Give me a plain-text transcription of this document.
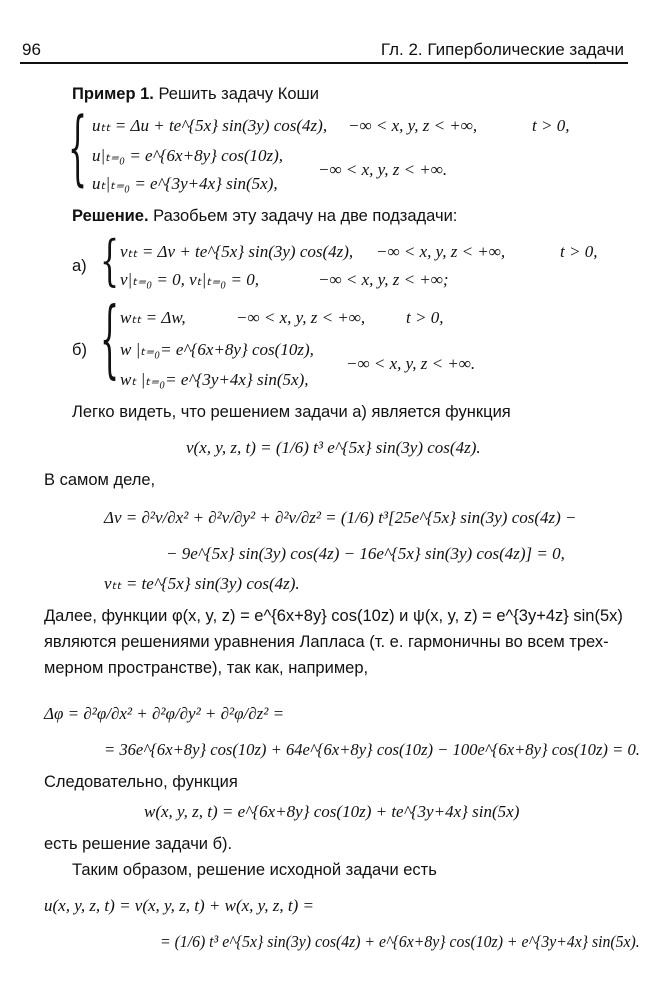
96	Гл. 2. Гиперболические задачи
Пример 1. Решить задачу Коши
{ uₜₜ = Δu + te^{5x} sin(3y) cos(4z), −∞ < x, y, z < +∞,	t > 0,
u|ₜ₌₀ = e^{6x+8y} cos(10z),
uₜ|ₜ₌₀ = e^{3y+4x} sin(5x),
−∞ < x, y, z < +∞.
Решение. Разобьем эту задачу на две подзадачи:
а) { vₜₜ = Δv + te^{5x} sin(3y) cos(4z), −∞ < x, y, z < +∞,	t > 0,
v|ₜ₌₀ = 0, vₜ|ₜ₌₀ = 0,	−∞ < x, y, z < +∞;
б) { wₜₜ = Δw,	−∞ < x, y, z < +∞, t > 0,
w |ₜ₌₀= e^{6x+8y} cos(10z),
wₜ |ₜ₌₀= e^{3y+4x} sin(5x),
−∞ < x, y, z < +∞.
Легко видеть, что решением задачи а) является функция
v(x, y, z, t) = (1/6) t³ e^{5x} sin(3y) cos(4z).
В самом деле,
Δv = ∂²v/∂x² + ∂²v/∂y² + ∂²v/∂z² = (1/6) t³[25e^{5x} sin(3y) cos(4z) −
− 9e^{5x} sin(3y) cos(4z) − 16e^{5x} sin(3y) cos(4z)] = 0,
vₜₜ = te^{5x} sin(3y) cos(4z).
Далее, функции φ(x, y, z) = e^{6x+8y} cos(10z) и ψ(x, y, z) = e^{3y+4z} sin(5x)
являются решениями уравнения Лапласа (т. е. гармоничны во всем трех-
мерном пространстве), так как, например,
Δφ = ∂²φ/∂x² + ∂²φ/∂y² + ∂²φ/∂z² =
= 36e^{6x+8y} cos(10z) + 64e^{6x+8y} cos(10z) − 100e^{6x+8y} cos(10z) = 0.
Следовательно, функция
w(x, y, z, t) = e^{6x+8y} cos(10z) + te^{3y+4x} sin(5x)
есть решение задачи б).
Таким образом, решение исходной задачи есть
u(x, y, z, t) = v(x, y, z, t) + w(x, y, z, t) =
= (1/6) t³ e^{5x} sin(3y) cos(4z) + e^{6x+8y} cos(10z) + e^{3y+4x} sin(5x).
